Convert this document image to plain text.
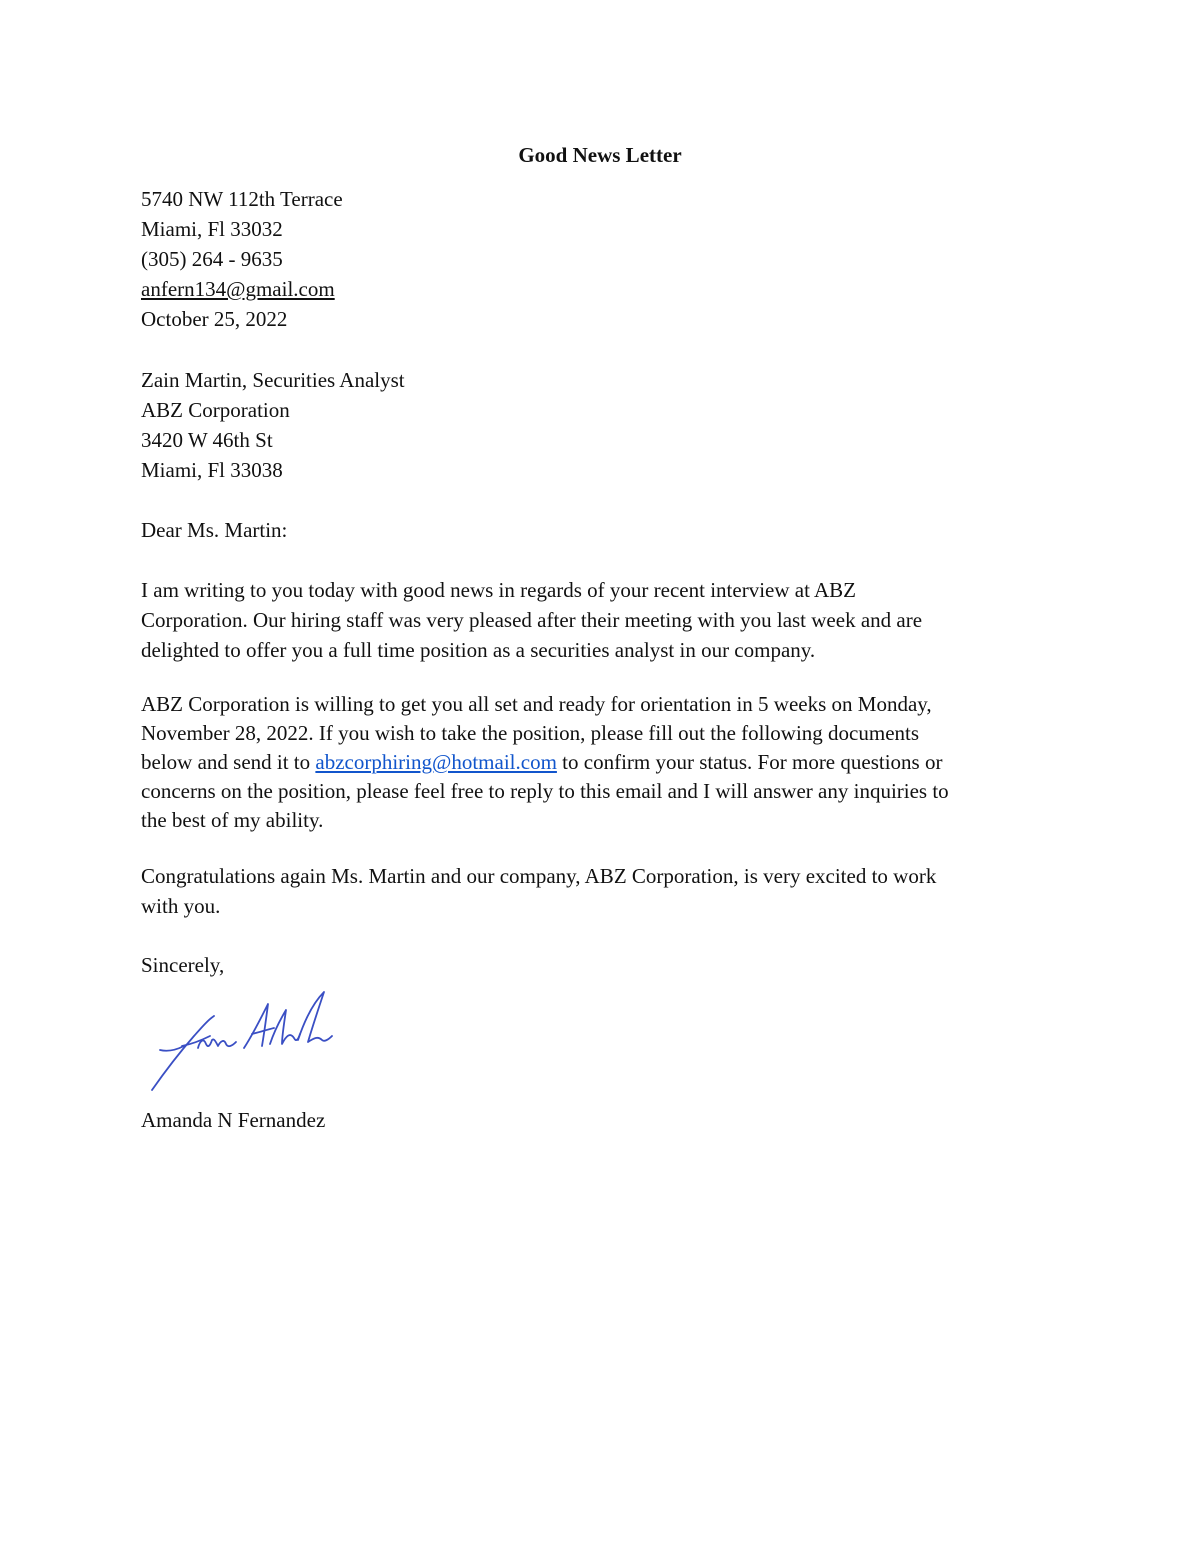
Good News Letter
5740 NW 112th Terrace
Miami, Fl 33032
(305) 264 - 9635
anfern134@gmail.com
October 25, 2022
Zain Martin, Securities Analyst
ABZ Corporation
3420 W 46th St
Miami, Fl 33038
Dear Ms. Martin:
I am writing to you today with good news in regards of your recent interview at ABZ
Corporation. Our hiring staff was very pleased after their meeting with you last week and are
delighted to offer you a full time position as a securities analyst in our company.
ABZ Corporation is willing to get you all set and ready for orientation in 5 weeks on Monday,
November 28, 2022. If you wish to take the position, please fill out the following documents
below and send it to abzcorphiring@hotmail.com to confirm your status. For more questions or
concerns on the position, please feel free to reply to this email and I will answer any inquiries to
the best of my ability.
Congratulations again Ms. Martin and our company, ABZ Corporation, is very excited to work
with you.
Sincerely,
Amanda N Fernandez
